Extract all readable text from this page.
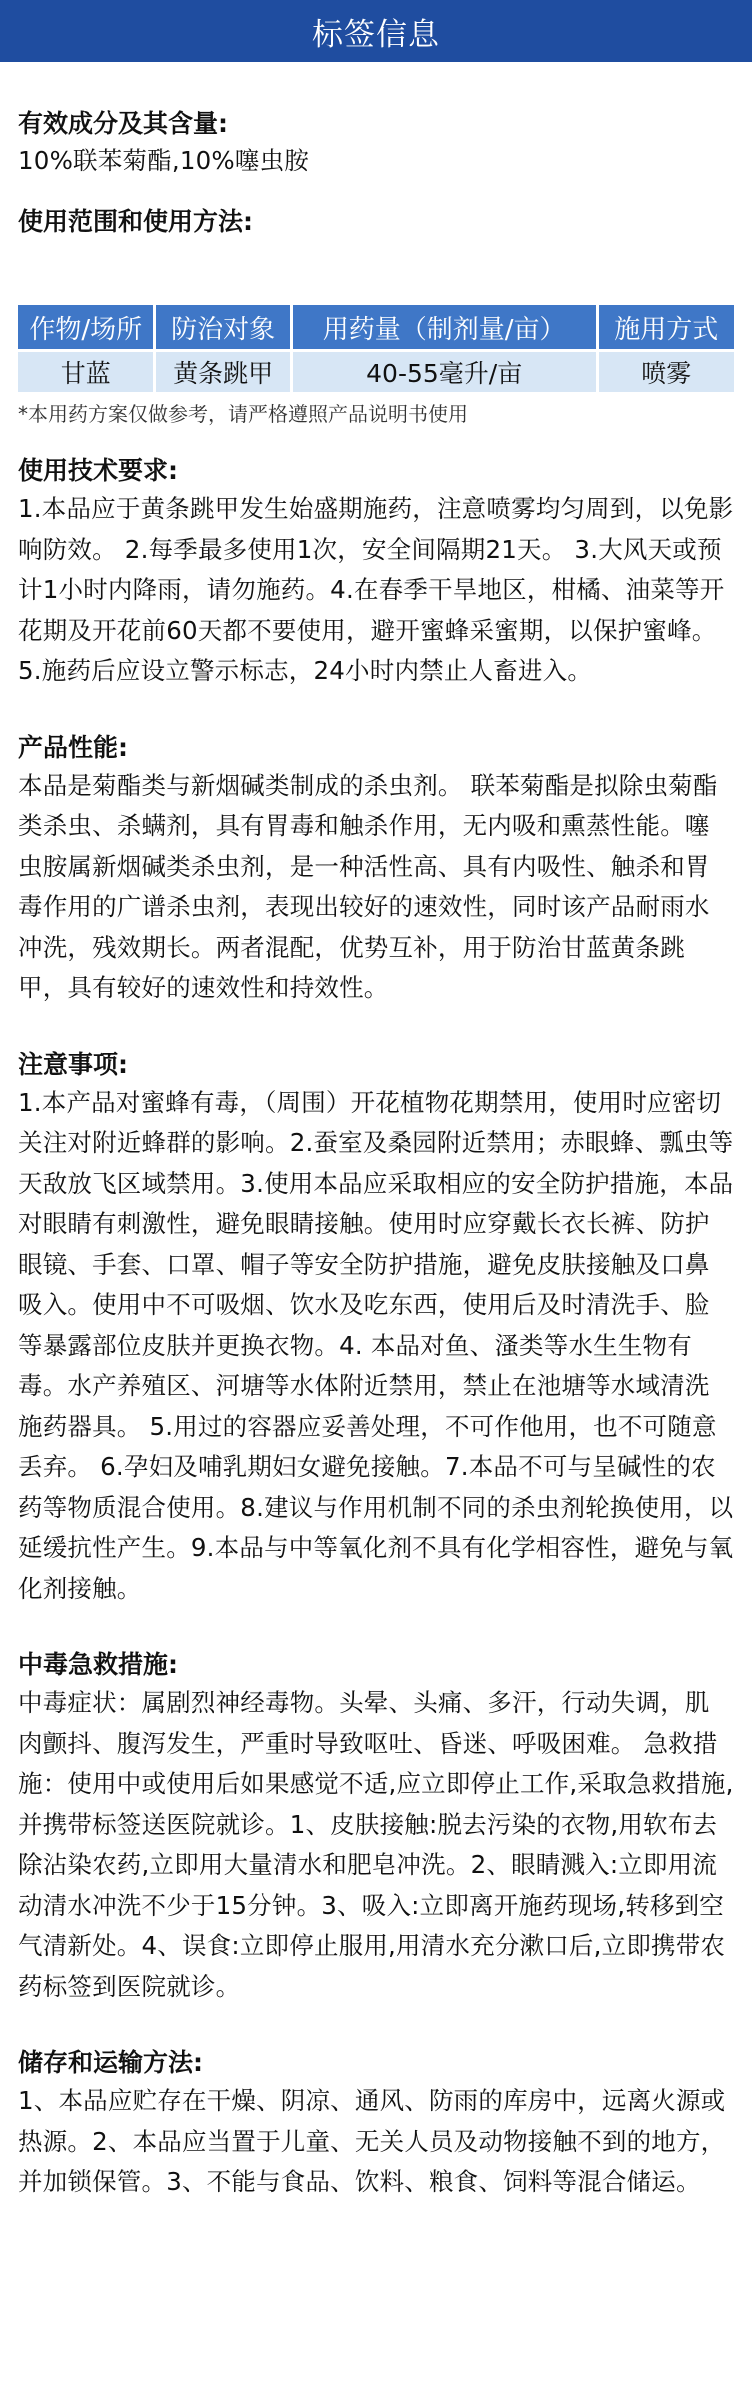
标签信息

有效成分及其含量:

10%联苯菊酯,10%噻虫胺

使用范围和使用方法:

作物/场所	防治对象	用药量（制剂量/亩）	施用方式
甘蓝	黄条跳甲	40-55毫升/亩	喷雾

*本用药方案仅做参考，请严格遵照产品说明书使用

使用技术要求:

1.本品应于黄条跳甲发生始盛期施药，注意喷雾均匀周到，以免影响防效。 2.每季最多使用1次，安全间隔期21天。 3.大风天或预计1小时内降雨，请勿施药。4.在春季干旱地区，柑橘、油菜等开花期及开花前60天都不要使用，避开蜜蜂采蜜期，以保护蜜峰。 5.施药后应设立警示标志，24小时内禁止人畜进入。

产品性能:

本品是菊酯类与新烟碱类制成的杀虫剂。 联苯菊酯是拟除虫菊酯类杀虫、杀螨剂，具有胃毒和触杀作用，无内吸和熏蒸性能。噻虫胺属新烟碱类杀虫剂，是一种活性高、具有内吸性、触杀和胃毒作用的广谱杀虫剂，表现出较好的速效性，同时该产品耐雨水冲洗，残效期长。两者混配，优势互补，用于防治甘蓝黄条跳甲，具有较好的速效性和持效性。

注意事项:

1.本产品对蜜蜂有毒，（周围）开花植物花期禁用，使用时应密切关注对附近蜂群的影响。2.蚕室及桑园附近禁用；赤眼蜂、瓢虫等天敌放飞区域禁用。3.使用本品应采取相应的安全防护措施，本品对眼睛有刺激性，避免眼睛接触。使用时应穿戴长衣长裤、防护眼镜、手套、口罩、帽子等安全防护措施，避免皮肤接触及口鼻吸入。使用中不可吸烟、饮水及吃东西，使用后及时清洗手、脸等暴露部位皮肤并更换衣物。4. 本品对鱼、溞类等水生生物有毒。水产养殖区、河塘等水体附近禁用，禁止在池塘等水域清洗施药器具。 5.用过的容器应妥善处理，不可作他用，也不可随意丢弃。 6.孕妇及哺乳期妇女避免接触。7.本品不可与呈碱性的农药等物质混合使用。8.建议与作用机制不同的杀虫剂轮换使用，以延缓抗性产生。9.本品与中等氧化剂不具有化学相容性，避免与氧化剂接触。

中毒急救措施:

中毒症状：属剧烈神经毒物。头晕、头痛、多汗，行动失调，肌肉颤抖、腹泻发生，严重时导致呕吐、昏迷、呼吸困难。 急救措施：使用中或使用后如果感觉不适,应立即停止工作,采取急救措施,并携带标签送医院就诊。1、皮肤接触:脱去污染的衣物,用软布去除沾染农药,立即用大量清水和肥皂冲洗。2、眼睛溅入:立即用流动清水冲洗不少于15分钟。3、吸入:立即离开施药现场,转移到空气清新处。4、误食:立即停止服用,用清水充分漱口后,立即携带农药标签到医院就诊。

储存和运输方法:

1、本品应贮存在干燥、阴凉、通风、防雨的库房中，远离火源或热源。2、本品应当置于儿童、无关人员及动物接触不到的地方，并加锁保管。3、不能与食品、饮料、粮食、饲料等混合储运。
